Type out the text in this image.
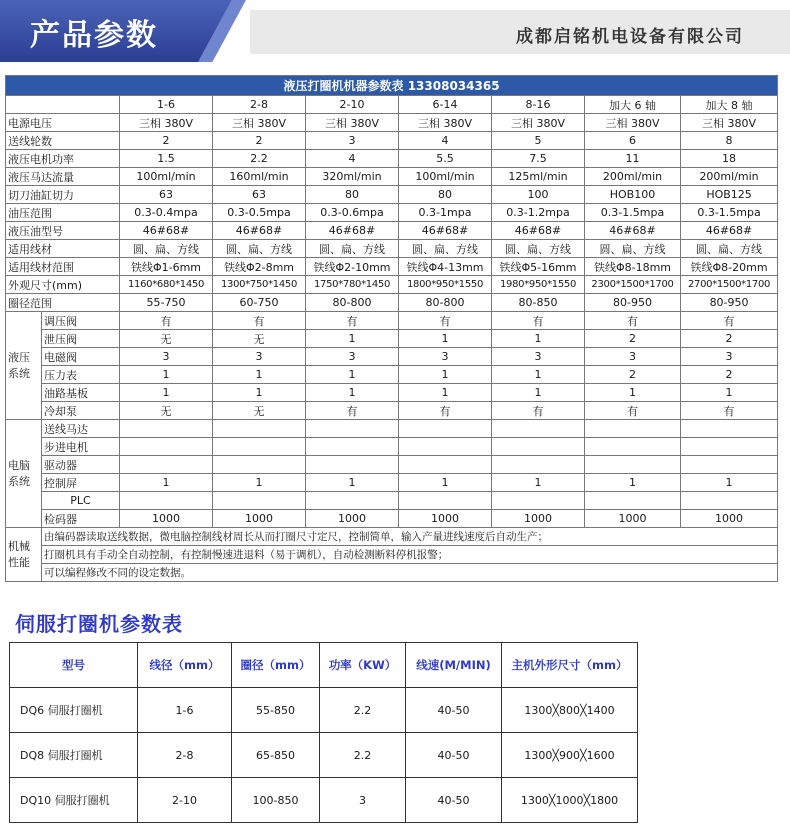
产品参数	成都启铭机电设备有限公司
液压打圈机机器参数表 13308034365								
		1-6	2-8	2-10	6-14	8-16	加大 6 轴	加大 8 轴
电源电压		三相 380V	三相 380V	三相 380V	三相 380V	三相 380V	三相 380V	三相 380V
送线轮数		2	2	3	4	5	6	8
液压电机功率		1.5	2.2	4	5.5	7.5	11	18
液压马达流量		100ml/min	160ml/min	320ml/min	100ml/min	125ml/min	200ml/min	200ml/min
切刀油缸切力		63	63	80	80	100	HOB100	HOB125
油压范围		0.3-0.4mpa	0.3-0.5mpa	0.3-0.6mpa	0.3-1mpa	0.3-1.2mpa	0.3-1.5mpa	0.3-1.5mpa
液压油型号		46#68#	46#68#	46#68#	46#68#	46#68#	46#68#	46#68#
适用线材		圆、扁、方线	圆、扁、方线	圆、扁、方线	圆、扁、方线	圆、扁、方线	圆、扁、方线	圆、扁、方线
适用线材范围		铁线Φ1-6mm	铁线Φ2-8mm	铁线Φ2-10mm	铁线Φ4-13mm	铁线Φ5-16mm	铁线Φ8-18mm	铁线Φ8-20mm
外观尺寸(mm)		1160*680*1450	1300*750*1450	1750*780*1450	1800*950*1550	1980*950*1550	2300*1500*1700	2700*1500*1700
圈径范围		55-750	60-750	80-800	80-800	80-850	80-950	80-950
液压
系统	调压阀	有	有	有	有	有	有	有
	泄压阀	无	无	1	1	1	2	2
	电磁阀	3	3	3	3	3	3	3
	压力表	1	1	1	1	1	2	2
	油路基板	1	1	1	1	1	1	1
	冷却泵	无	无	有	有	有	有	有
电脑
系统	送线马达							
	步进电机							
	驱动器							
	控制屏	1	1	1	1	1	1	1
	PLC							
	检码器	1000	1000	1000	1000	1000	1000	1000
机械
性能	由编码器读取送线数据，微电脑控制线材周长从而打圈尺寸定尺，控制简单，输入产量进线速度后自动生产；							
	打圈机具有手动全自动控制，有控制慢速进退料（易于调机），自动检测断料停机报警；							
	可以编程修改不同的设定数据。							
伺服打圈机参数表
型号	线径（mm）	圈径（mm）	功率（KW）	线速(M/MIN)	主机外形尺寸（mm）
DQ6 伺服打圈机	1-6	55-850	2.2	40-50	1300╳800╳1400
DQ8 伺服打圈机	2-8	65-850	2.2	40-50	1300╳900╳1600
DQ10 伺服打圈机	2-10	100-850	3	40-50	1300╳1000╳1800
